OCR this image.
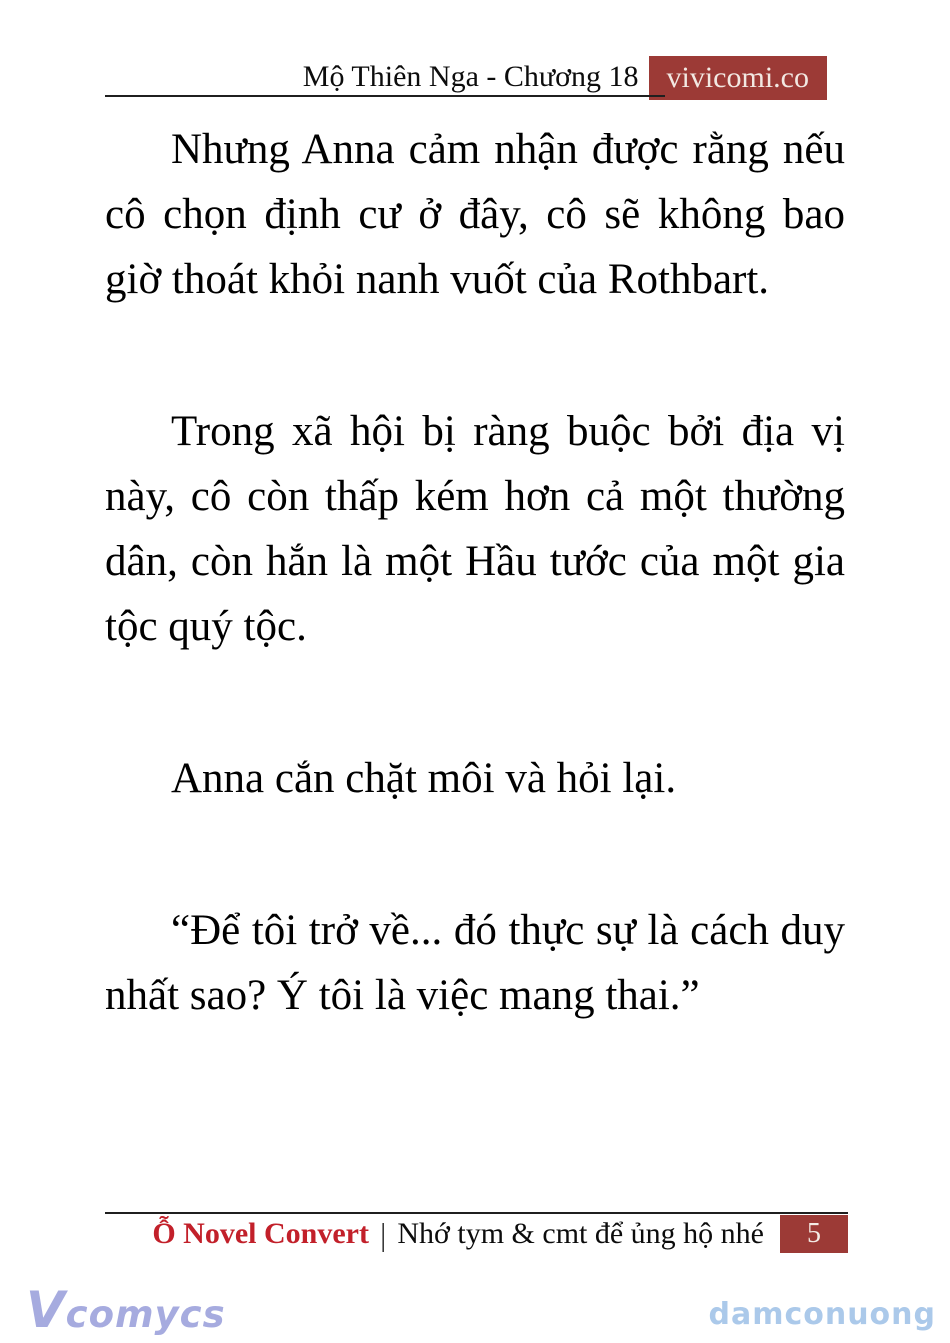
Mộ Thiên Nga - Chương 18 vivicomi.co

Nhưng Anna cảm nhận được rằng nếu cô chọn định cư ở đây, cô sẽ không bao giờ thoát khỏi nanh vuốt của Rothbart.

Trong xã hội bị ràng buộc bởi địa vị này, cô còn thấp kém hơn cả một thường dân, còn hắn là một Hầu tước của một gia tộc quý tộc.

Anna cắn chặt môi và hỏi lại.

“Để tôi trở về... đó thực sự là cách duy nhất sao? Ý tôi là việc mang thai.”

Ỗ Novel Convert | Nhớ tym & cmt để ủng hộ nhé	5
Vcomycs	damconuong
